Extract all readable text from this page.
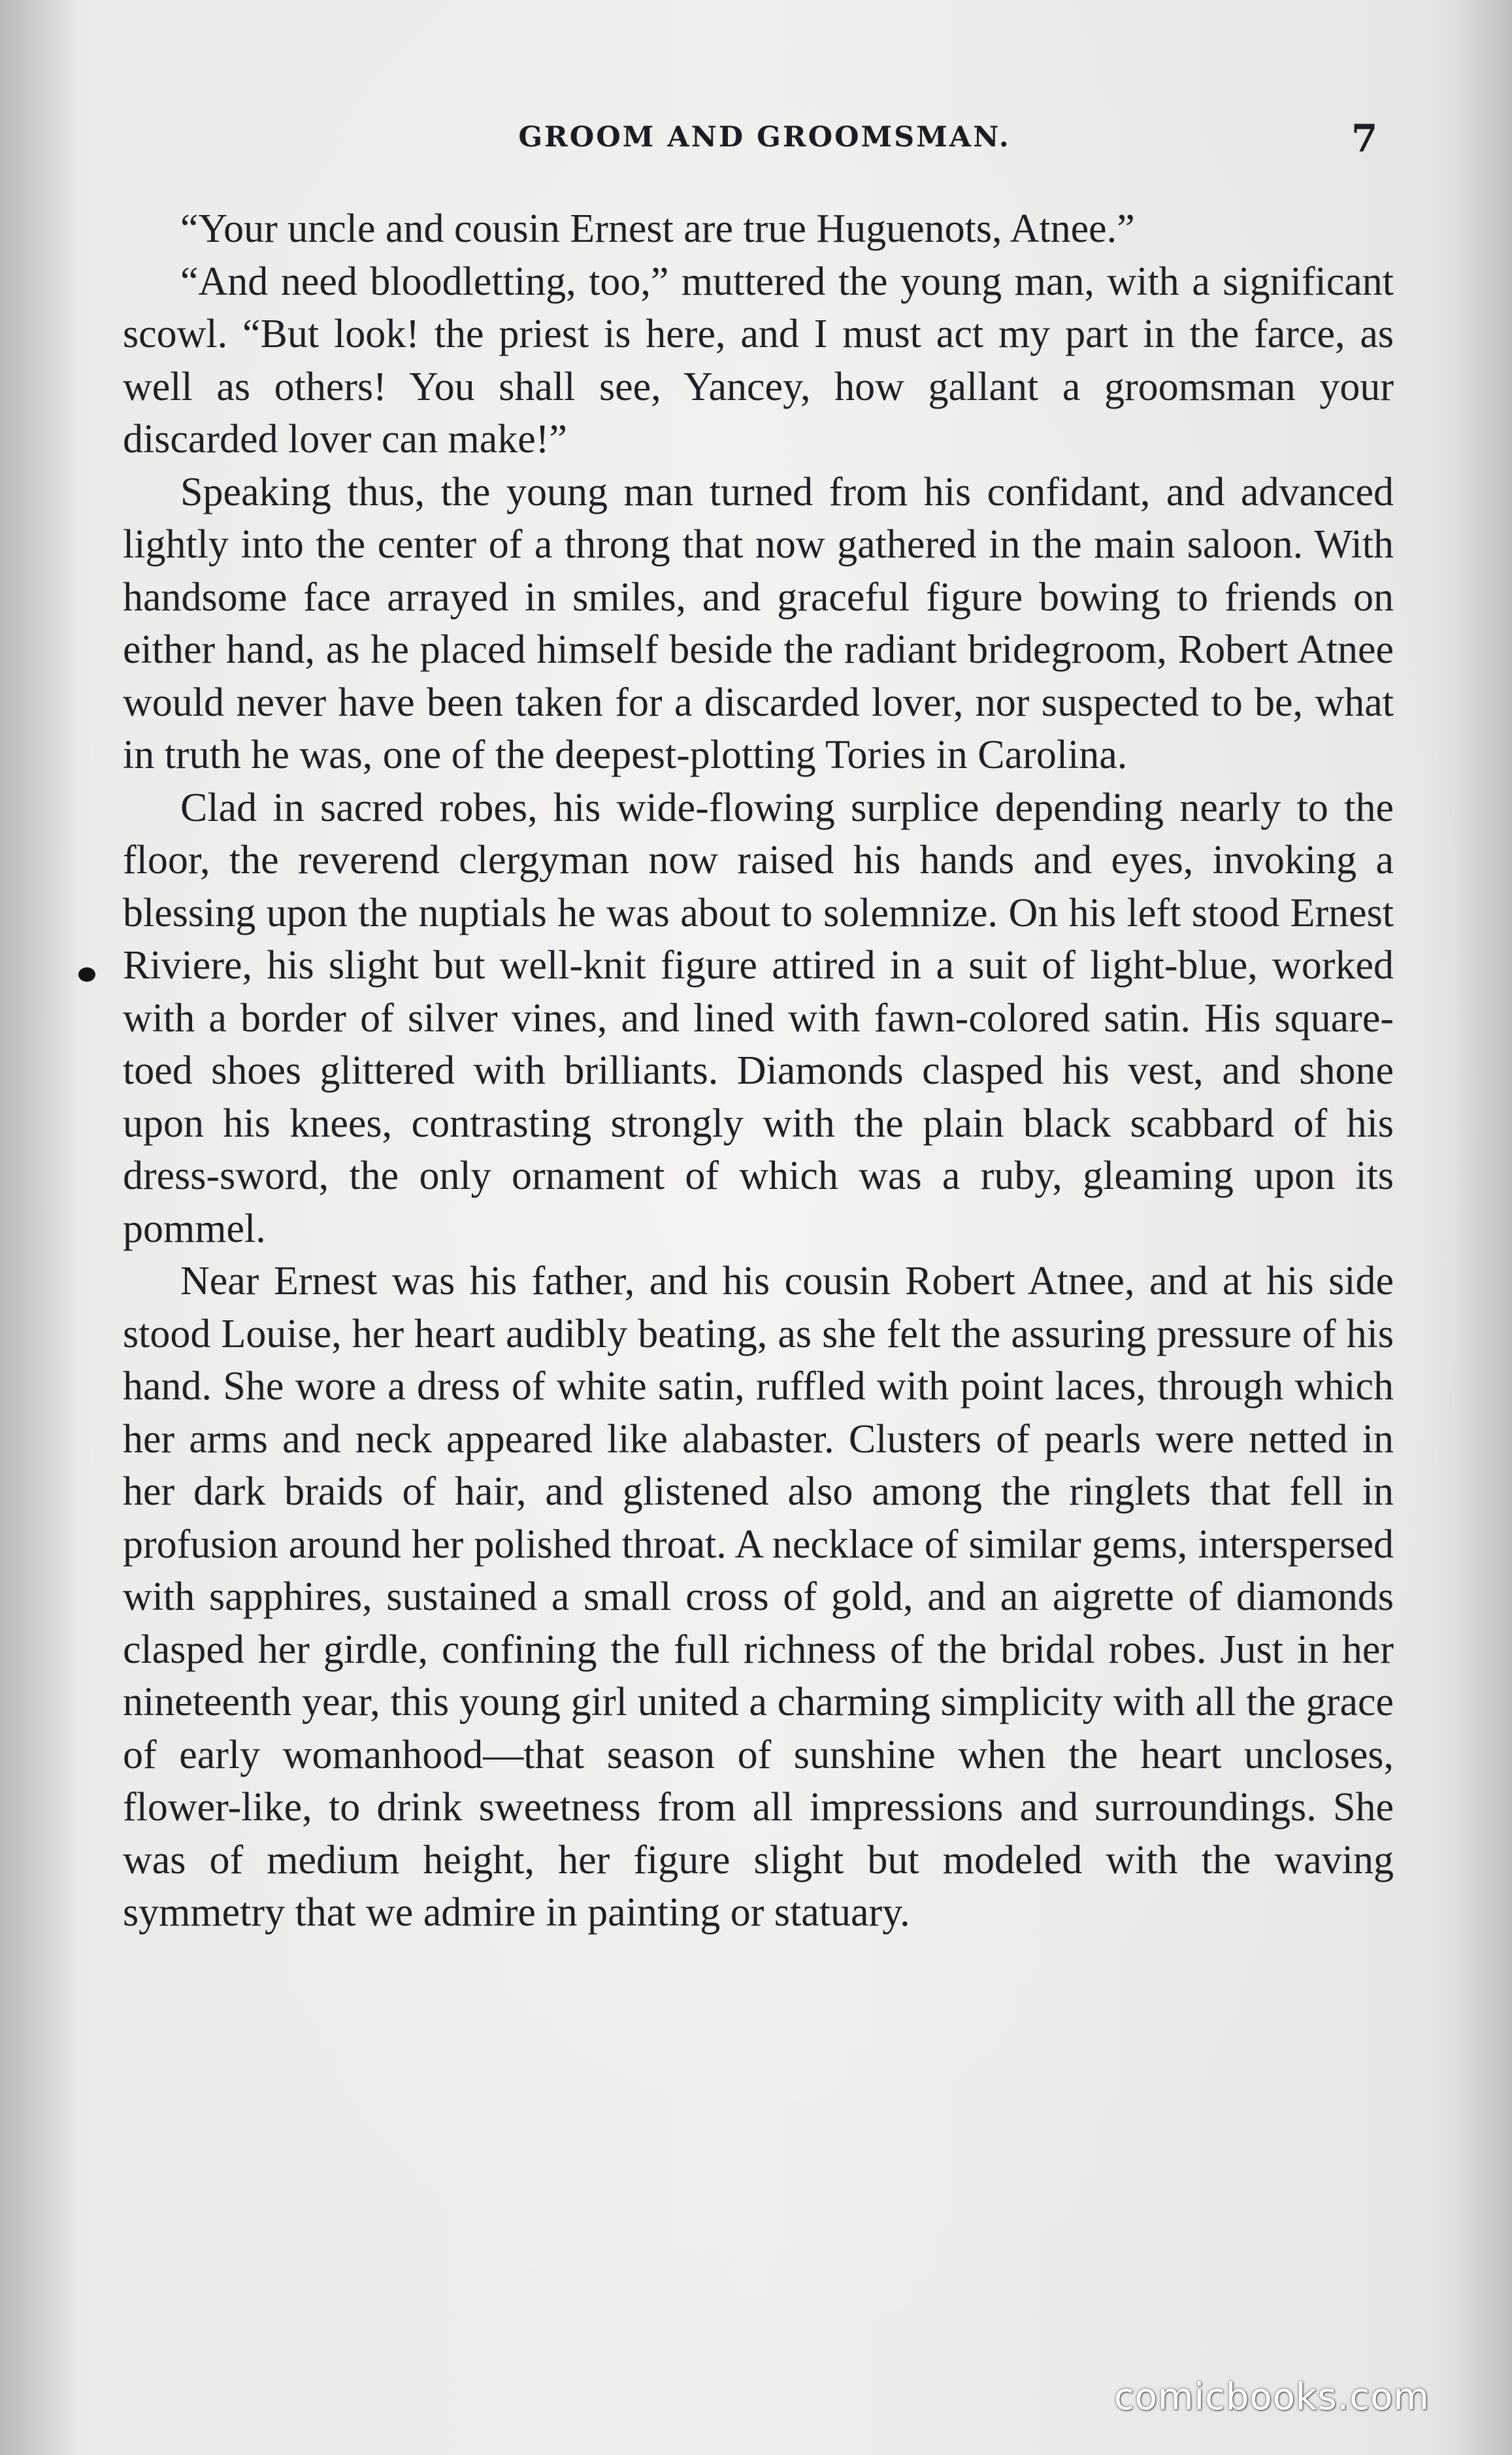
GROOM AND GROOMSMAN.	7

“Your uncle and cousin Ernest are true Huguenots, Atnee.”

“And need bloodletting, too,” muttered the young man, with a significant scowl. “But look! the priest is here, and I must act my part in the farce, as well as others! You shall see, Yancey, how gallant a groomsman your discarded lover can make!”

Speaking thus, the young man turned from his confidant, and advanced lightly into the center of a throng that now gathered in the main saloon. With handsome face arrayed in smiles, and graceful figure bowing to friends on either hand, as he placed himself beside the radiant bridegroom, Robert Atnee would never have been taken for a discarded lover, nor suspected to be, what in truth he was, one of the deepest-plotting Tories in Carolina.

Clad in sacred robes, his wide-flowing surplice depending nearly to the floor, the reverend clergyman now raised his hands and eyes, invoking a blessing upon the nuptials he was about to solemnize. On his left stood Ernest Riviere, his slight but well-knit figure attired in a suit of light-blue, worked with a border of silver vines, and lined with fawn-colored satin. His square-toed shoes glittered with brilliants. Diamonds clasped his vest, and shone upon his knees, contrasting strongly with the plain black scabbard of his dress-sword, the only ornament of which was a ruby, gleaming upon its pommel.

Near Ernest was his father, and his cousin Robert Atnee, and at his side stood Louise, her heart audibly beating, as she felt the assuring pressure of his hand. She wore a dress of white satin, ruffled with point laces, through which her arms and neck appeared like alabaster. Clusters of pearls were netted in her dark braids of hair, and glistened also among the ringlets that fell in profusion around her polished throat. A necklace of similar gems, interspersed with sapphires, sustained a small cross of gold, and an aigrette of diamonds clasped her girdle, confining the full richness of the bridal robes. Just in her nineteenth year, this young girl united a charming simplicity with all the grace of early womanhood—that season of sunshine when the heart uncloses, flower-like, to drink sweetness from all impressions and surroundings. She was of medium height, her figure slight but modeled with the waving symmetry that we admire in painting or statuary.

comicbooks.com
